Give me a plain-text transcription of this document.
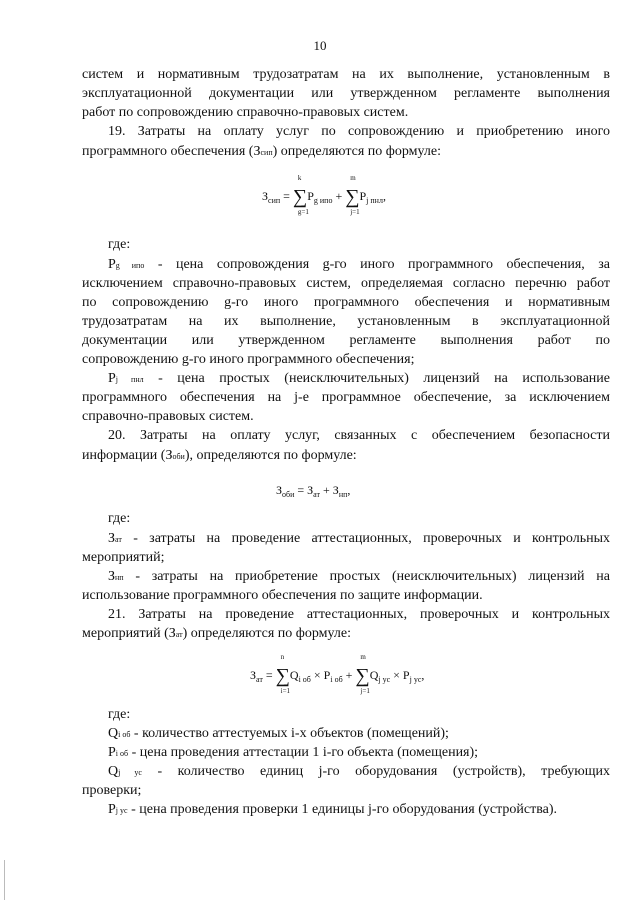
10
систем и нормативным трудозатратам на их выполнение, установленным в
эксплуатационной документации или утвержденном регламенте выполнения
работ по сопровождению справочно-правовых систем.
19. Затраты на оплату услуг по сопровождению и приобретению иного
программного обеспечения (Зсип) определяются по формуле:
$З_{сип}$ =
k
∑
g=1
$P_{g ипо}$ +
m
∑
j=1
$P_{j пнл}$,
где:
Pg ипо - цена сопровождения g-го иного программного обеспечения, за
исключением справочно-правовых систем, определяемая согласно перечню работ
по сопровождению g-го иного программного обеспечения и нормативным
трудозатратам на их выполнение, установленным в эксплуатационной
документации или утвержденном регламенте выполнения работ по
сопровождению g-го иного программного обеспечения;
Pj пнл - цена простых (неисключительных) лицензий на использование
программного обеспечения на j-е программное обеспечение, за исключением
справочно-правовых систем.
20. Затраты на оплату услуг, связанных с обеспечением безопасности
информации (Зоби), определяются по формуле:
$З_{оби} = З_{ат} + З_{нп}$,
где:
Зат - затраты на проведение аттестационных, проверочных и контрольных
мероприятий;
Знп - затраты на приобретение простых (неисключительных) лицензий на
использование программного обеспечения по защите информации.
21. Затраты на проведение аттестационных, проверочных и контрольных
мероприятий (Зат) определяются по формуле:
$З_{ат}$ =
n
∑
i=1
$Q_{i об} \times P_{i об}$ +
m
∑
j=1
$Q_{j ус} \times P_{j ус}$,
где:
Qi об - количество аттестуемых i-х объектов (помещений);
Pi об - цена проведения аттестации 1 i-го объекта (помещения);
Qj ус - количество единиц j-го оборудования (устройств), требующих
проверки;
Pj ус - цена проведения проверки 1 единицы j-го оборудования (устройства).
